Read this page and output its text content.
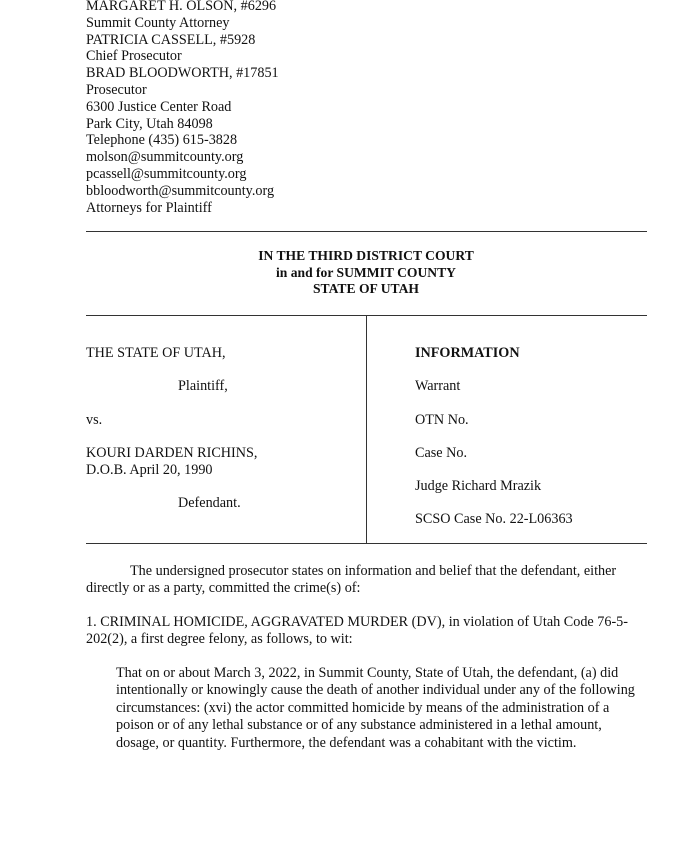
MARGARET H. OLSON, #6296
Summit County Attorney
PATRICIA CASSELL, #5928
Chief Prosecutor
BRAD BLOODWORTH, #17851
Prosecutor
6300 Justice Center Road
Park City, Utah 84098
Telephone (435) 615-3828
molson@summitcounty.org
pcassell@summitcounty.org
bbloodworth@summitcounty.org
Attorneys for Plaintiff
IN THE THIRD DISTRICT COURT
in and for SUMMIT COUNTY
STATE OF UTAH
THE STATE OF UTAH,
Plaintiff,
vs.
KOURI DARDEN RICHINS,
D.O.B. April 20, 1990
Defendant.
INFORMATION
Warrant
OTN No.
Case No.
Judge Richard Mrazik
SCSO Case No. 22-L06363
The undersigned prosecutor states on information and belief that the defendant, either directly or as a party, committed the crime(s) of:
1. CRIMINAL HOMICIDE, AGGRAVATED MURDER (DV), in violation of Utah Code 76-5-202(2), a first degree felony, as follows, to wit:
That on or about March 3, 2022, in Summit County, State of Utah, the defendant, (a) did intentionally or knowingly cause the death of another individual under any of the following circumstances: (xvi) the actor committed homicide by means of the administration of a poison or of any lethal substance or of any substance administered in a lethal amount, dosage, or quantity. Furthermore, the defendant was a cohabitant with the victim.
